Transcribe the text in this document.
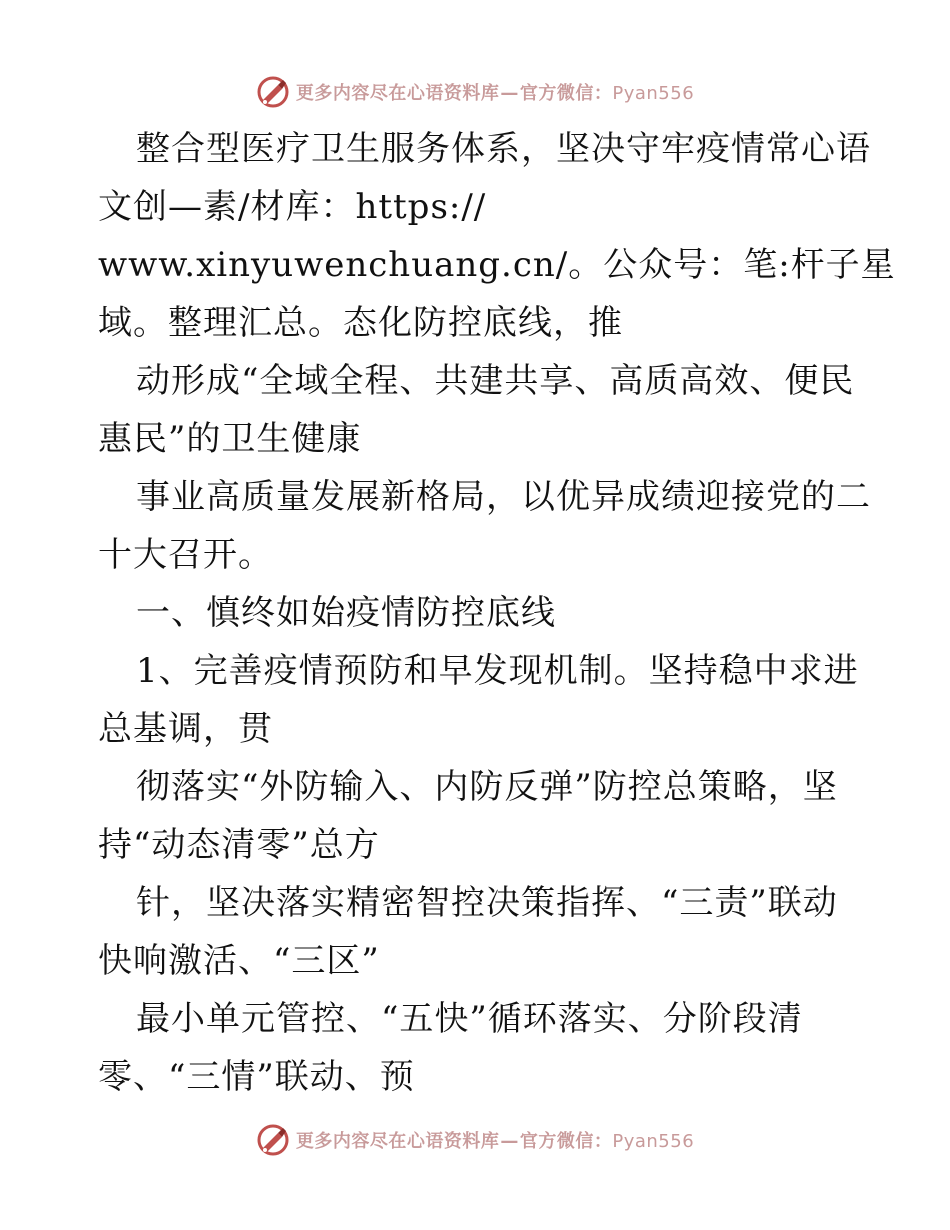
更多内容尽在心语资料库—官方微信：Pyan556
整合型医疗卫生服务体系，坚决守牢疫情常心语
文创—素/材库：https://
www.xinyuwenchuang.cn/。公众号：笔:杆子星
域。整理汇总。态化防控底线，推
动形成“全域全程、共建共享、高质高效、便民
惠民”的卫生健康
事业高质量发展新格局，以优异成绩迎接党的二
十大召开。
一、慎终如始疫情防控底线
1、完善疫情预防和早发现机制。坚持稳中求进
总基调，贯
彻落实“外防输入、内防反弹”防控总策略，坚
持“动态清零”总方
针，坚决落实精密智控决策指挥、“三责”联动
快响激活、“三区”
最小单元管控、“五快”循环落实、分阶段清
零、“三情”联动、预
更多内容尽在心语资料库—官方微信：Pyan556
